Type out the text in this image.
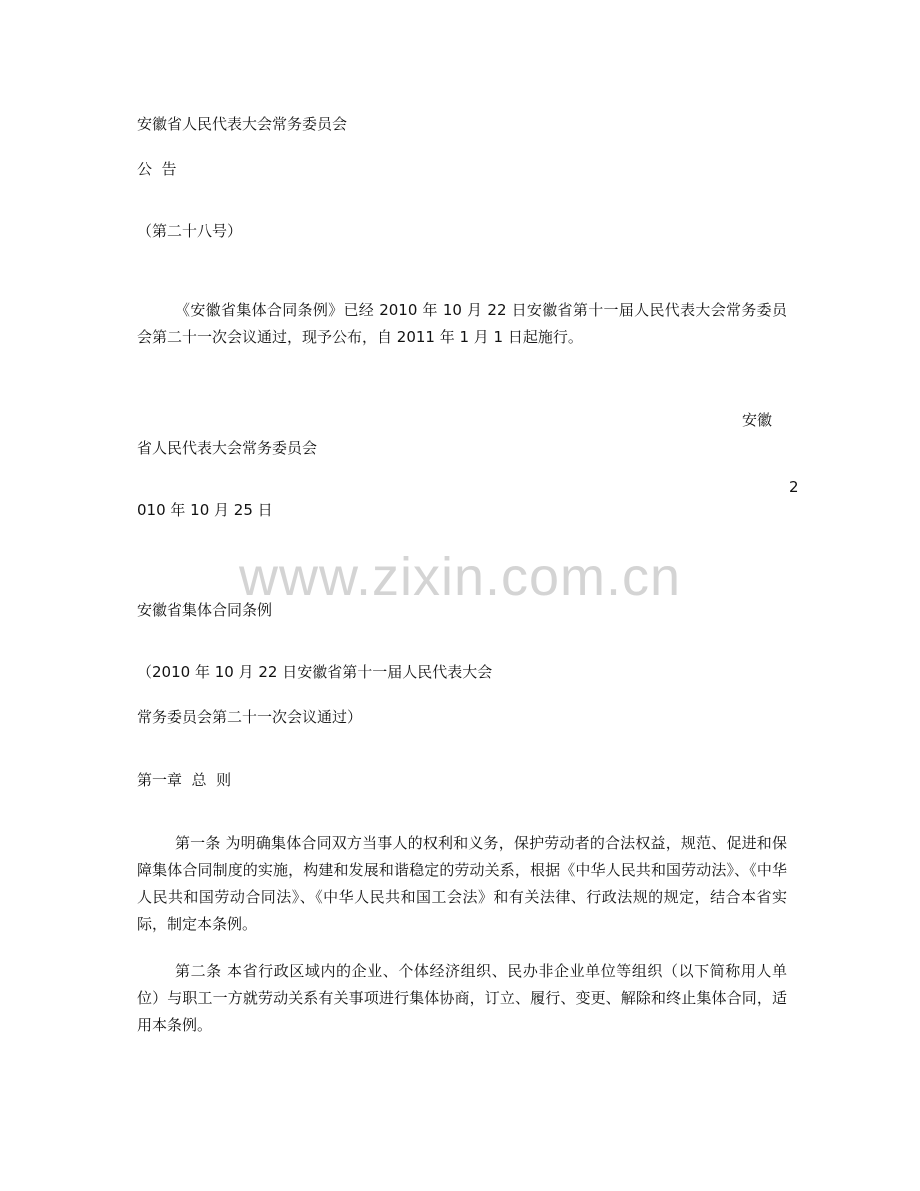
安徽省人民代表大会常务委员会

公  告

（第二十八号）

《安徽省集体合同条例》已经 2010 年 10 月 22 日安徽省第十一届人民代表大会常务委员会第二十一次会议通过，现予公布，自 2011 年 1 月 1 日起施行。

安徽

省人民代表大会常务委员会

2

010 年 10 月 25 日

www.zixin.com.cn

安徽省集体合同条例

（2010 年 10 月 22 日安徽省第十一届人民代表大会

常务委员会第二十一次会议通过）

第一章  总  则

第一条 为明确集体合同双方当事人的权利和义务，保护劳动者的合法权益，规范、促进和保障集体合同制度的实施，构建和发展和谐稳定的劳动关系，根据《中华人民共和国劳动法》、《中华人民共和国劳动合同法》、《中华人民共和国工会法》和有关法律、行政法规的规定，结合本省实际，制定本条例。

第二条 本省行政区域内的企业、个体经济组织、民办非企业单位等组织（以下简称用人单位）与职工一方就劳动关系有关事项进行集体协商，订立、履行、变更、解除和终止集体合同，适用本条例。
